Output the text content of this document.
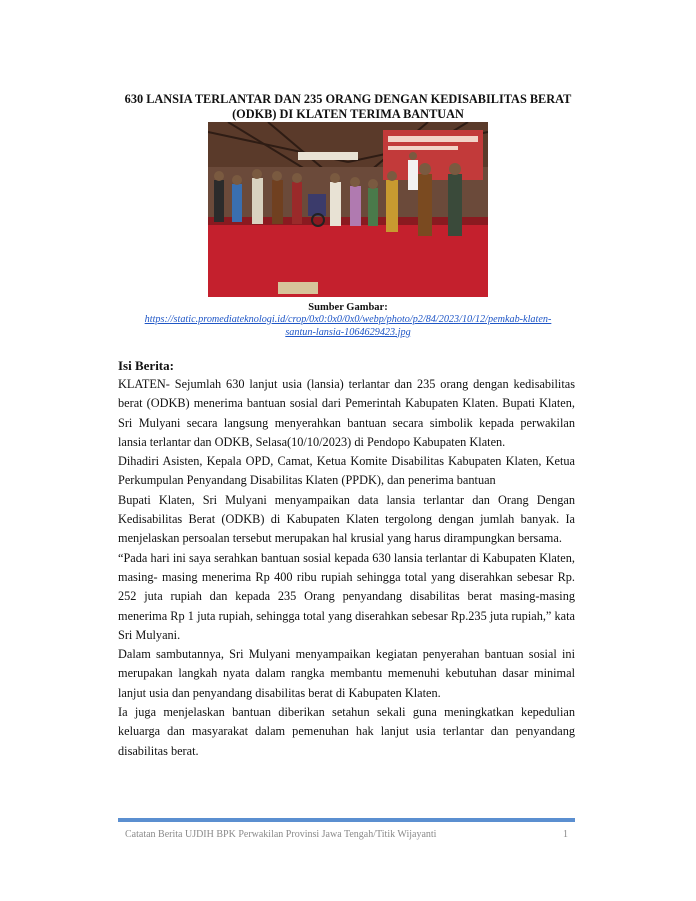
630 LANSIA TERLANTAR DAN 235 ORANG DENGAN KEDISABILITAS BERAT (ODKB) DI KLATEN TERIMA BANTUAN
Sumber Gambar:
https://static.promediateknologi.id/crop/0x0:0x0/0x0/webp/photo/p2/84/2023/10/12/pemkab-klaten-santun-lansia-1064629423.jpg
Isi Berita:

KLATEN- Sejumlah 630 lanjut usia (lansia) terlantar dan 235 orang dengan kedisabilitas berat (ODKB) menerima bantuan sosial dari Pemerintah Kabupaten Klaten. Bupati Klaten, Sri Mulyani secara langsung menyerahkan bantuan secara simbolik kepada perwakilan lansia terlantar dan ODKB, Selasa(10/10/2023) di Pendopo Kabupaten Klaten.

Dihadiri Asisten, Kepala OPD, Camat, Ketua Komite Disabilitas Kabupaten Klaten, Ketua Perkumpulan Penyandang Disabilitas Klaten (PPDK), dan penerima bantuan

Bupati Klaten, Sri Mulyani menyampaikan data lansia terlantar dan Orang Dengan Kedisabilitas Berat (ODKB) di Kabupaten Klaten tergolong dengan jumlah banyak. Ia menjelaskan persoalan tersebut merupakan hal krusial yang harus dirampungkan bersama.

“Pada hari ini saya serahkan bantuan sosial kepada 630 lansia terlantar di Kabupaten Klaten, masing- masing menerima Rp 400 ribu rupiah sehingga total yang diserahkan sebesar Rp. 252 juta rupiah dan kepada 235 Orang penyandang disabilitas berat masing-masing menerima Rp 1 juta rupiah, sehingga total yang diserahkan sebesar Rp.235 juta rupiah,” kata Sri Mulyani.

Dalam sambutannya, Sri Mulyani menyampaikan kegiatan penyerahan bantuan sosial ini merupakan langkah nyata dalam rangka membantu memenuhi kebutuhan dasar minimal lanjut usia dan penyandang disabilitas berat di Kabupaten Klaten.

Ia juga menjelaskan bantuan diberikan setahun sekali guna meningkatkan kepedulian keluarga dan masyarakat dalam pemenuhan hak lanjut usia terlantar dan penyandang disabilitas berat.

Catatan Berita UJDIH BPK Perwakilan Provinsi Jawa Tengah/Titik Wijayanti	1
